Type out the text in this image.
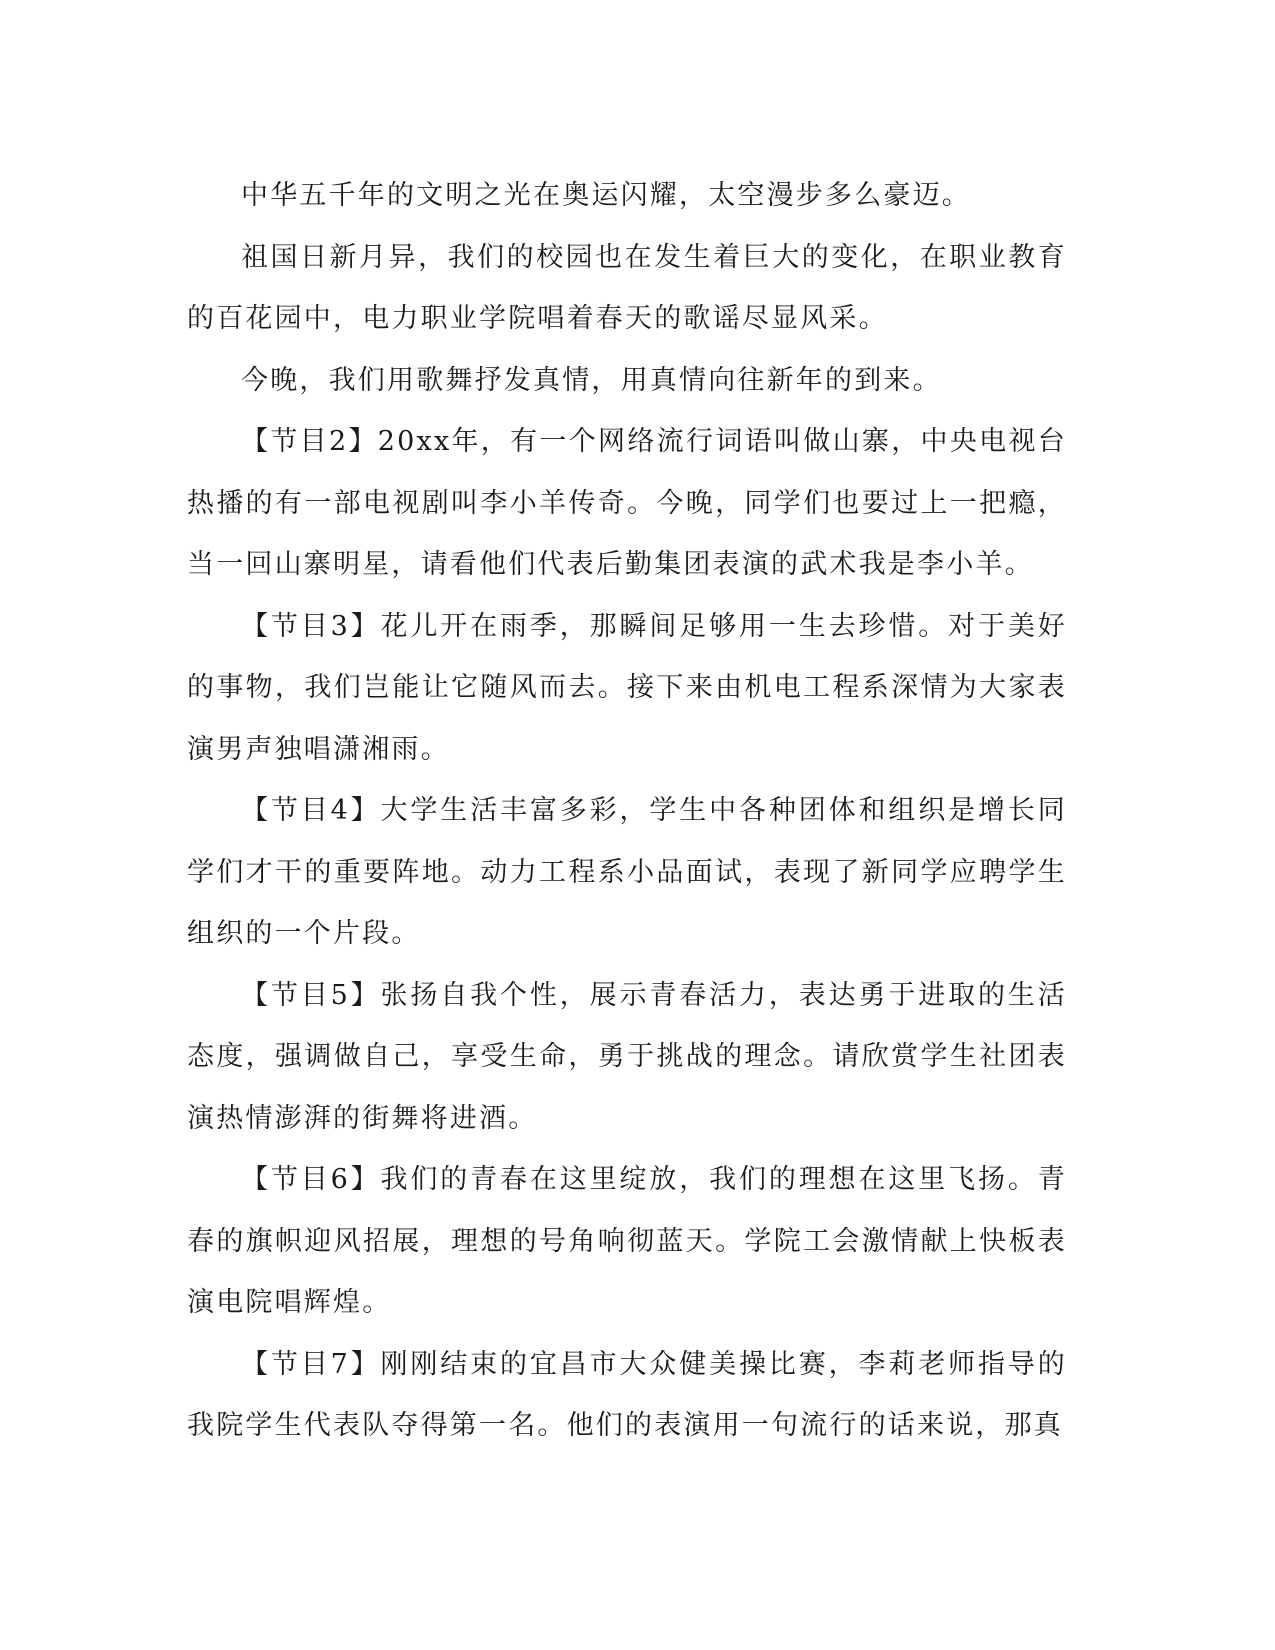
中华五千年的文明之光在奥运闪耀，太空漫步多么豪迈。

祖国日新月异，我们的校园也在发生着巨大的变化，在职业教育的百花园中，电力职业学院唱着春天的歌谣尽显风采。

今晚，我们用歌舞抒发真情，用真情向往新年的到来。

【节目2】20xx年，有一个网络流行词语叫做山寨，中央电视台热播的有一部电视剧叫李小羊传奇。今晚，同学们也要过上一把瘾，当一回山寨明星，请看他们代表后勤集团表演的武术我是李小羊。

【节目3】花儿开在雨季，那瞬间足够用一生去珍惜。对于美好的事物，我们岂能让它随风而去。接下来由机电工程系深情为大家表演男声独唱潇湘雨。

【节目4】大学生活丰富多彩，学生中各种团体和组织是增长同学们才干的重要阵地。动力工程系小品面试，表现了新同学应聘学生组织的一个片段。

【节目5】张扬自我个性，展示青春活力，表达勇于进取的生活态度，强调做自己，享受生命，勇于挑战的理念。请欣赏学生社团表演热情澎湃的街舞将进酒。

【节目6】我们的青春在这里绽放，我们的理想在这里飞扬。青春的旗帜迎风招展，理想的号角响彻蓝天。学院工会激情献上快板表演电院唱辉煌。

【节目7】刚刚结束的宜昌市大众健美操比赛，李莉老师指导的我院学生代表队夺得第一名。他们的表演用一句流行的话来说，那真
